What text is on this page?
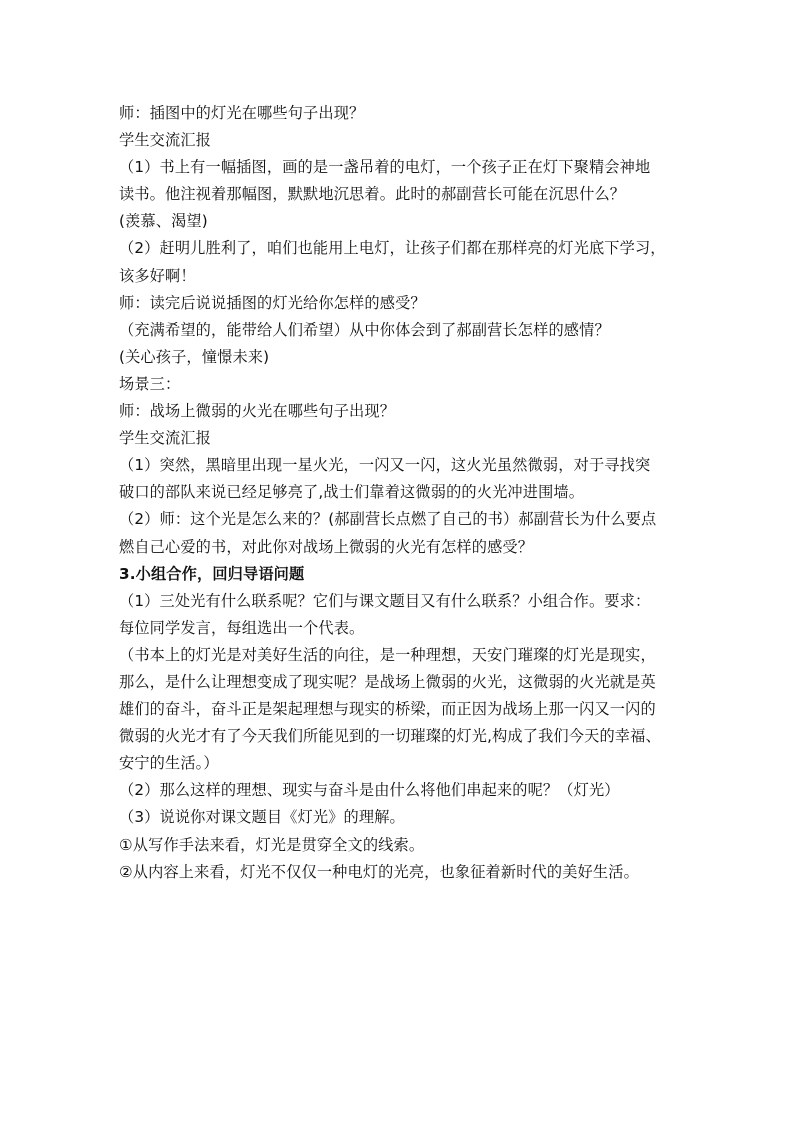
师：插图中的灯光在哪些句子出现？
学生交流汇报
（1）书上有一幅插图，画的是一盏吊着的电灯，一个孩子正在灯下聚精会神地
读书。他注视着那幅图，默默地沉思着。此时的郝副营长可能在沉思什么？
(羡慕、渴望)
（2）赶明儿胜利了，咱们也能用上电灯，让孩子们都在那样亮的灯光底下学习，
该多好啊！
师：读完后说说插图的灯光给你怎样的感受？
（充满希望的，能带给人们希望）从中你体会到了郝副营长怎样的感情？
(关心孩子，憧憬未来)
场景三：
师：战场上微弱的火光在哪些句子出现？
学生交流汇报
（1）突然，黑暗里出现一星火光，一闪又一闪，这火光虽然微弱，对于寻找突
破口的部队来说已经足够亮了,战士们靠着这微弱的的火光冲进围墙。
（2）师：这个光是怎么来的？(郝副营长点燃了自己的书）郝副营长为什么要点
燃自己心爱的书，对此你对战场上微弱的火光有怎样的感受？
3.小组合作，回归导语问题
（1）三处光有什么联系呢？它们与课文题目又有什么联系？小组合作。要求：
每位同学发言，每组选出一个代表。
（书本上的灯光是对美好生活的向往，是一种理想，天安门璀璨的灯光是现实，
那么，是什么让理想变成了现实呢？是战场上微弱的火光，这微弱的火光就是英
雄们的奋斗，奋斗正是架起理想与现实的桥梁，而正因为战场上那一闪又一闪的
微弱的火光才有了今天我们所能见到的一切璀璨的灯光,构成了我们今天的幸福、
安宁的生活。）
（2）那么这样的理想、现实与奋斗是由什么将他们串起来的呢？（灯光）
（3）说说你对课文题目《灯光》的理解。
①从写作手法来看，灯光是贯穿全文的线索。
②从内容上来看，灯光不仅仅一种电灯的光亮，也象征着新时代的美好生活。
